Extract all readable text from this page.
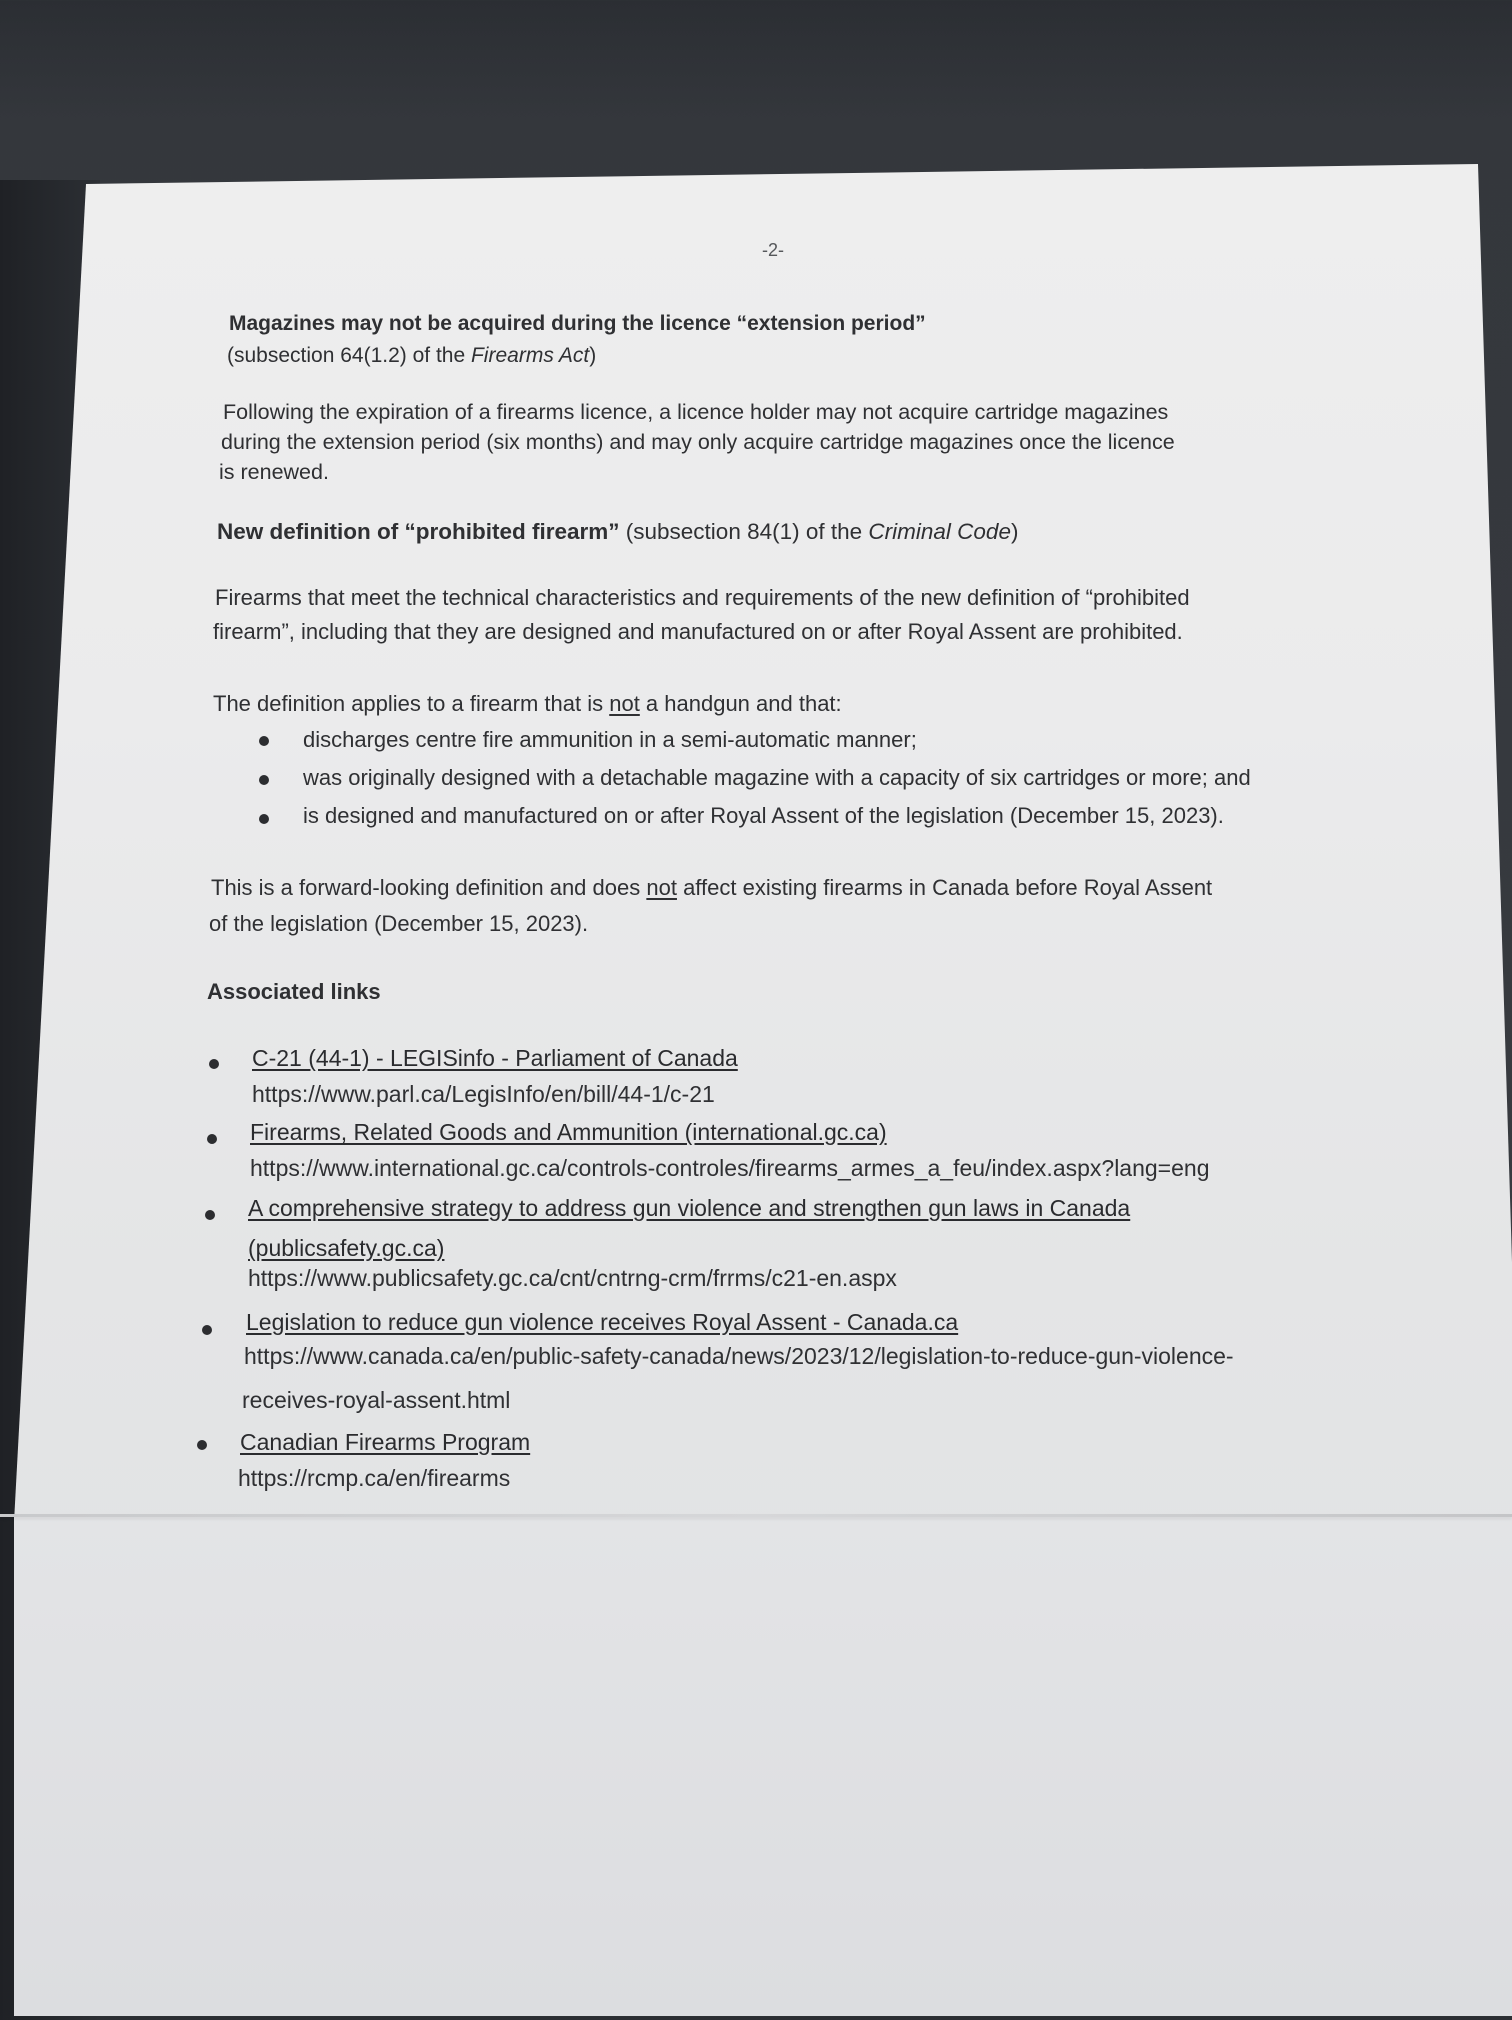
-2-

Magazines may not be acquired during the licence “extension period”

(subsection 64(1.2) of the Firearms Act)

Following the expiration of a firearms licence, a licence holder may not acquire cartridge magazines

during the extension period (six months) and may only acquire cartridge magazines once the licence

is renewed.

New definition of “prohibited firearm” (subsection 84(1) of the Criminal Code)

Firearms that meet the technical characteristics and requirements of the new definition of “prohibited

firearm”, including that they are designed and manufactured on or after Royal Assent are prohibited.

The definition applies to a firearm that is not a handgun and that:

discharges centre fire ammunition in a semi-automatic manner;

was originally designed with a detachable magazine with a capacity of six cartridges or more; and

is designed and manufactured on or after Royal Assent of the legislation (December 15, 2023).

This is a forward-looking definition and does not affect existing firearms in Canada before Royal Assent

of the legislation (December 15, 2023).

Associated links

C-21 (44-1) - LEGISinfo - Parliament of Canada

https://www.parl.ca/LegisInfo/en/bill/44-1/c-21

Firearms, Related Goods and Ammunition (international.gc.ca)

https://www.international.gc.ca/controls-controles/firearms_armes_a_feu/index.aspx?lang=eng

A comprehensive strategy to address gun violence and strengthen gun laws in Canada

(publicsafety.gc.ca)

https://www.publicsafety.gc.ca/cnt/cntrng-crm/frrms/c21-en.aspx

Legislation to reduce gun violence receives Royal Assent - Canada.ca

https://www.canada.ca/en/public-safety-canada/news/2023/12/legislation-to-reduce-gun-violence-

receives-royal-assent.html

Canadian Firearms Program

https://rcmp.ca/en/firearms
